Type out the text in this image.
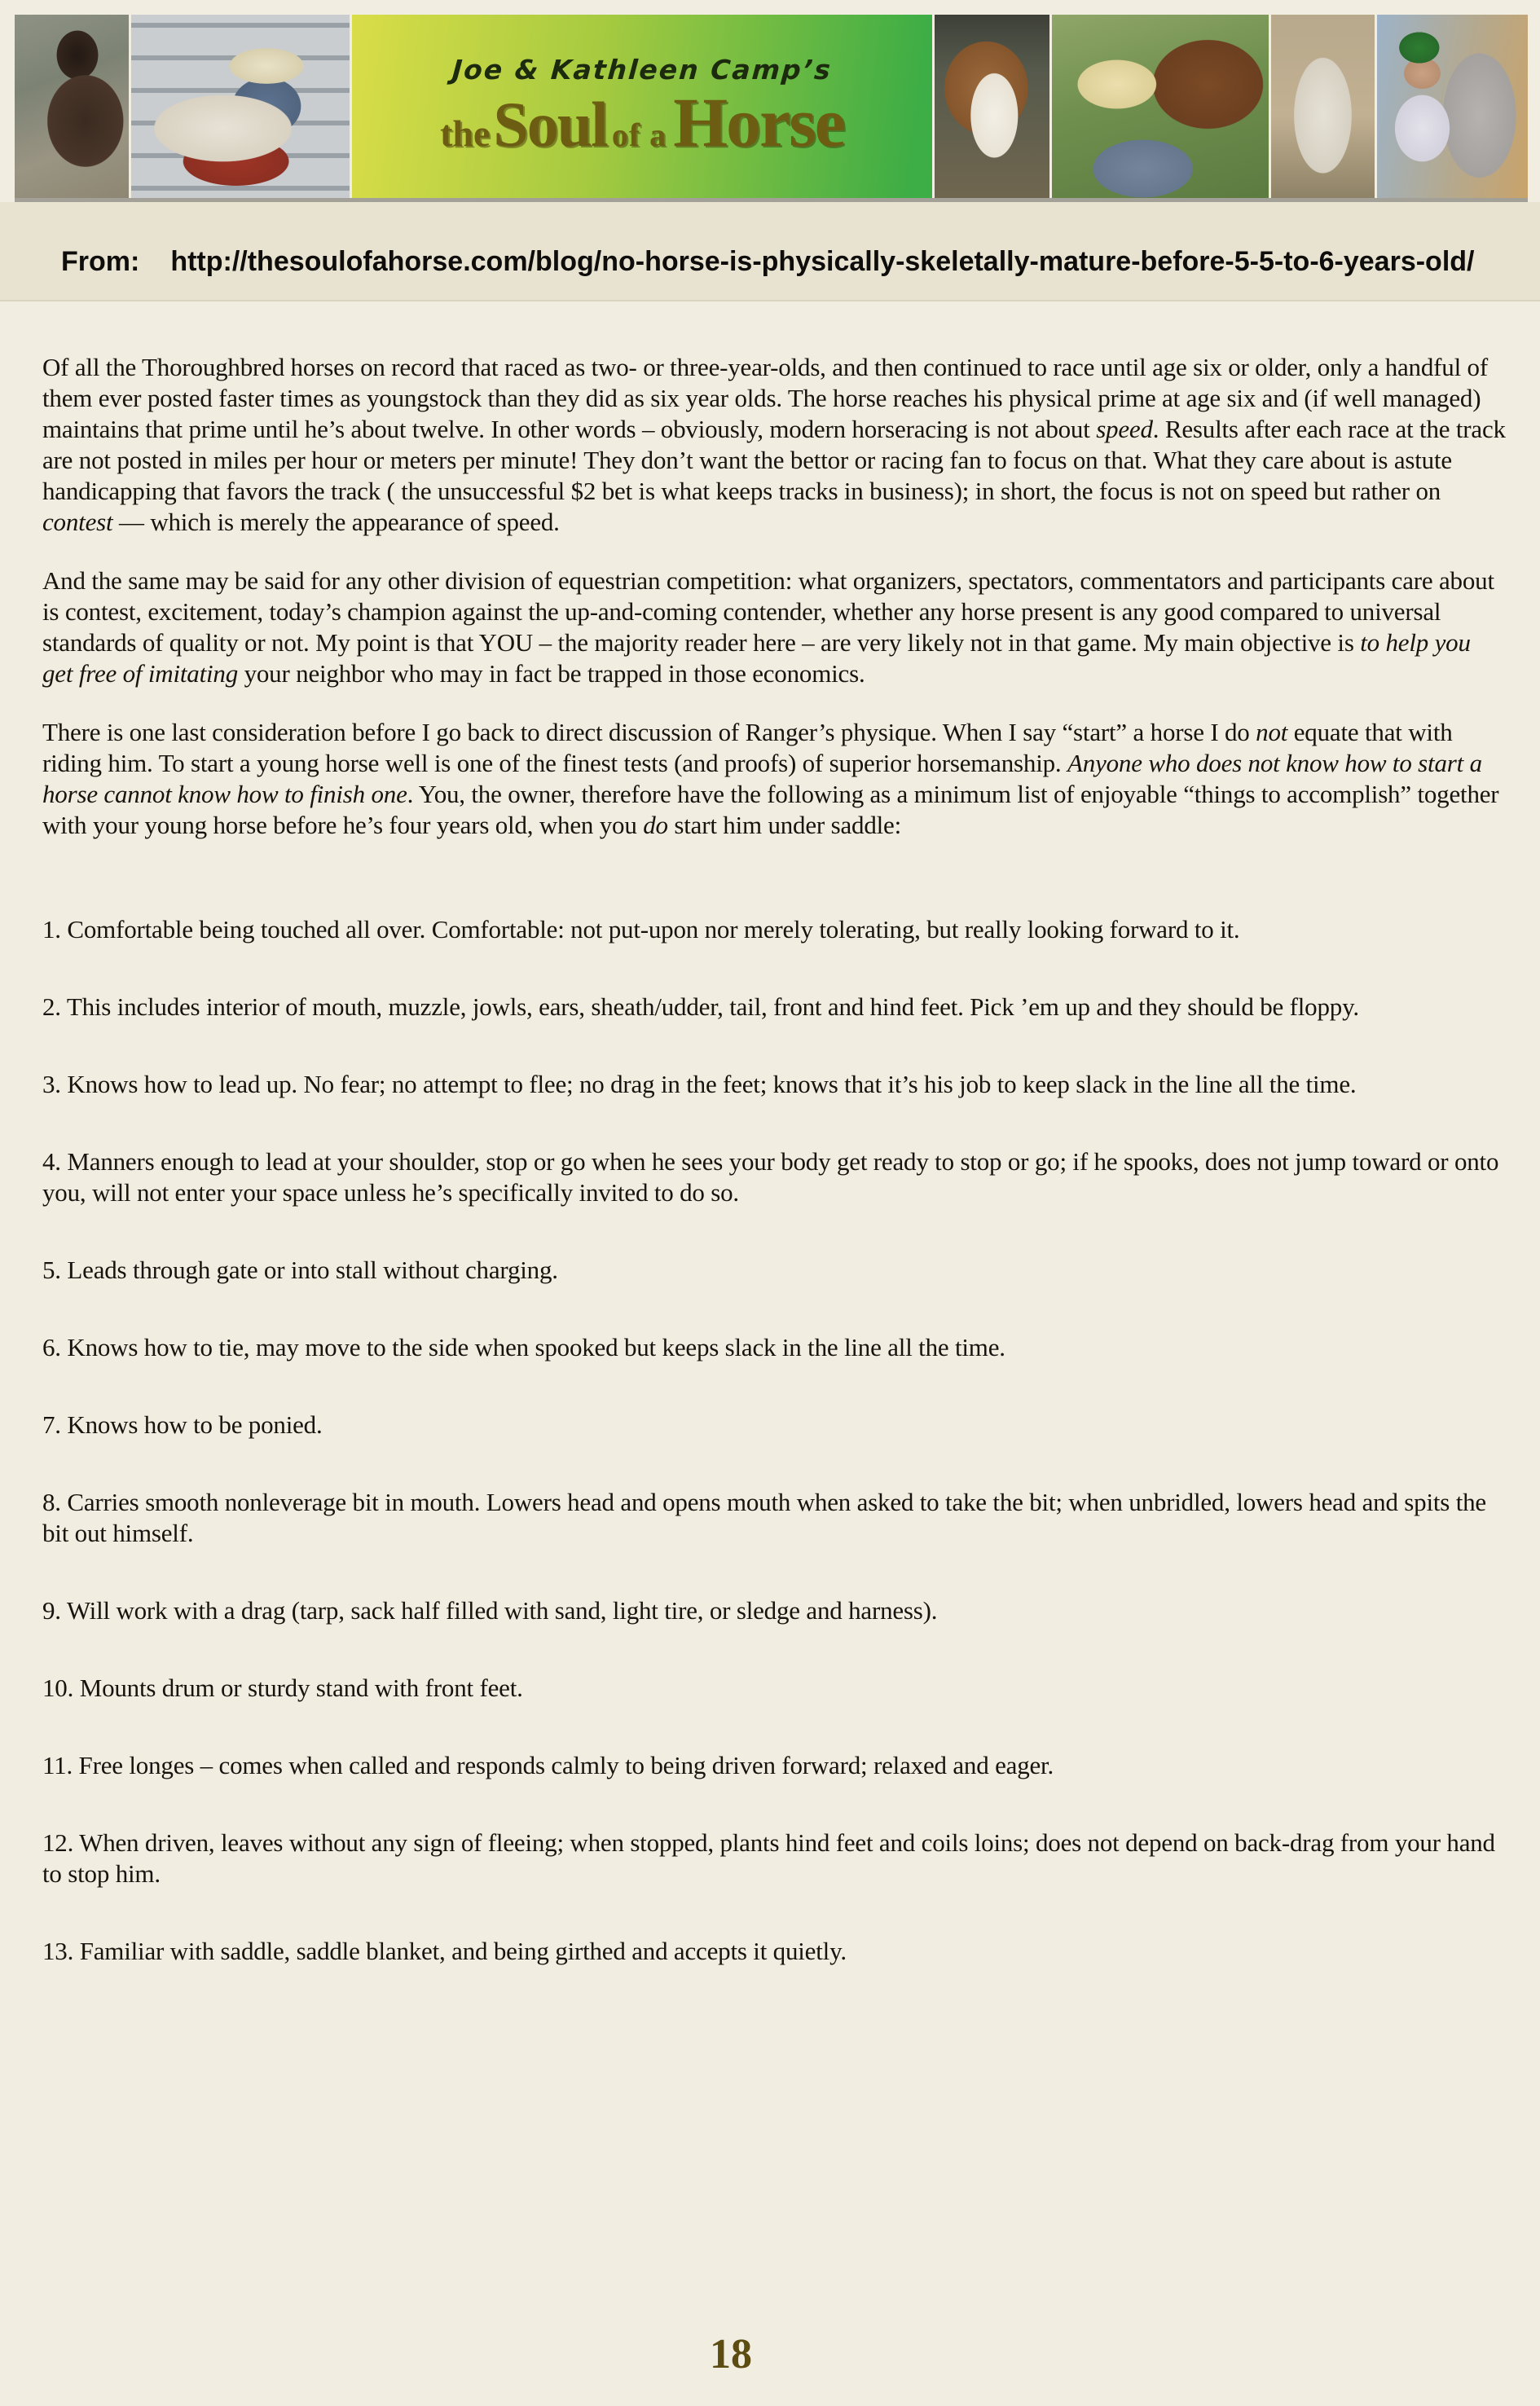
Joe & Kathleen Camp’s
the Soul of a Horse
From: http://thesoulofahorse.com/blog/no-horse-is-physically-skeletally-mature-before-5-5-to-6-years-old/
Of all the Thoroughbred horses on record that raced as two- or three-year-olds, and then continued to race until age six or older, only a handful of them ever posted faster times as youngstock than they did as six year olds. The horse reaches his physical prime at age six and (if well managed) maintains that prime until he’s about twelve. In other words – obviously, modern horseracing is not about speed. Results after each race at the track are not posted in miles per hour or meters per minute! They don’t want the bettor or racing fan to focus on that. What they care about is astute handicapping that favors the track ( the unsuccessful $2 bet is what keeps tracks in business); in short, the focus is not on speed but rather on contest — which is merely the appearance of speed.
And the same may be said for any other division of equestrian competition: what organizers, spectators, commentators and participants care about is contest, excitement, today’s champion against the up-and-coming contender, whether any horse present is any good compared to universal standards of quality or not. My point is that YOU – the majority reader here – are very likely not in that game. My main objective is to help you get free of imitating your neighbor who may in fact be trapped in those economics.
There is one last consideration before I go back to direct discussion of Ranger’s physique. When I say “start” a horse I do not equate that with riding him. To start a young horse well is one of the finest tests (and proofs) of superior horsemanship. Anyone who does not know how to start a horse cannot know how to finish one. You, the owner, therefore have the following as a minimum list of enjoyable “things to accomplish” together with your young horse before he’s four years old, when you do start him under saddle:
1. Comfortable being touched all over. Comfortable: not put-upon nor merely tolerating, but really looking forward to it.
2. This includes interior of mouth, muzzle, jowls, ears, sheath/udder, tail, front and hind feet. Pick ’em up and they should be floppy.
3. Knows how to lead up. No fear; no attempt to flee; no drag in the feet; knows that it’s his job to keep slack in the line all the time.
4. Manners enough to lead at your shoulder, stop or go when he sees your body get ready to stop or go; if he spooks, does not jump toward or onto you, will not enter your space unless he’s specifically invited to do so.
5. Leads through gate or into stall without charging.
6. Knows how to tie, may move to the side when spooked but keeps slack in the line all the time.
7. Knows how to be ponied.
8. Carries smooth nonleverage bit in mouth. Lowers head and opens mouth when asked to take the bit; when unbridled, lowers head and spits the bit out himself.
9. Will work with a drag (tarp, sack half filled with sand, light tire, or sledge and harness).
10. Mounts drum or sturdy stand with front feet.
11. Free longes – comes when called and responds calmly to being driven forward; relaxed and eager.
12. When driven, leaves without any sign of fleeing; when stopped, plants hind feet and coils loins; does not depend on back-drag from your hand to stop him.
13. Familiar with saddle, saddle blanket, and being girthed and accepts it quietly.
18
